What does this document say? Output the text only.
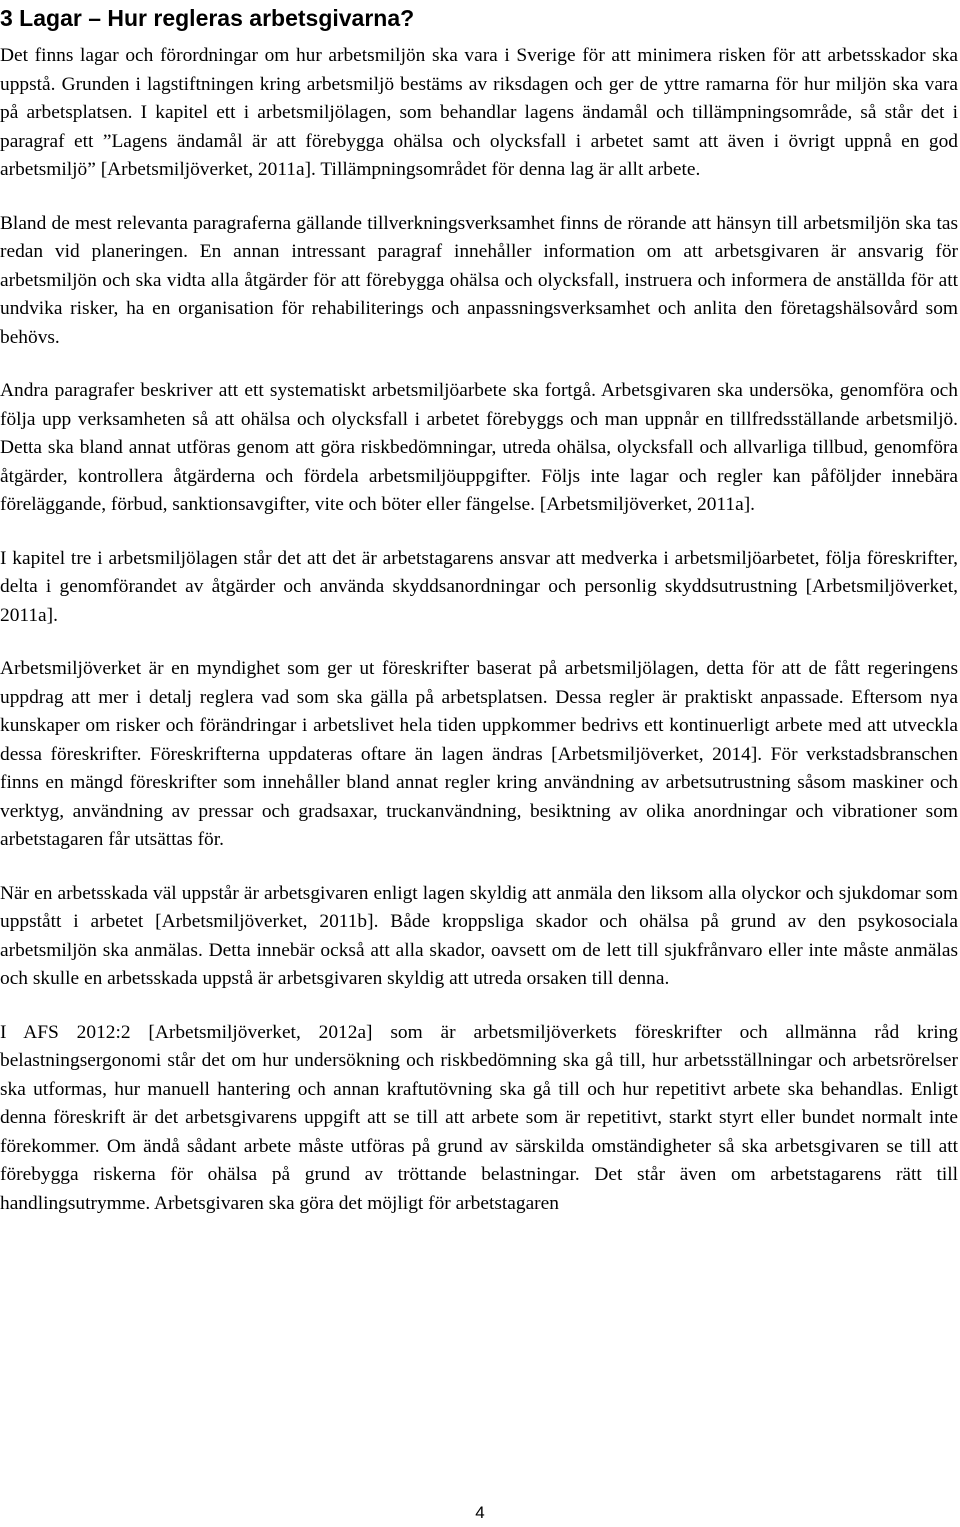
3 Lagar – Hur regleras arbetsgivarna?

Det finns lagar och förordningar om hur arbetsmiljön ska vara i Sverige för att minimera risken för att arbetsskador ska uppstå. Grunden i lagstiftningen kring arbetsmiljö bestäms av riksdagen och ger de yttre ramarna för hur miljön ska vara på arbetsplatsen. I kapitel ett i arbetsmiljölagen, som behandlar lagens ändamål och tillämpningsområde, så står det i paragraf ett ”Lagens ändamål är att förebygga ohälsa och olycksfall i arbetet samt att även i övrigt uppnå en god arbetsmiljö” [Arbetsmiljöverket, 2011a]. Tillämpningsområdet för denna lag är allt arbete.

Bland de mest relevanta paragraferna gällande tillverkningsverksamhet finns de rörande att hänsyn till arbetsmiljön ska tas redan vid planeringen. En annan intressant paragraf innehåller information om att arbetsgivaren är ansvarig för arbetsmiljön och ska vidta alla åtgärder för att förebygga ohälsa och olycksfall, instruera och informera de anställda för att undvika risker, ha en organisation för rehabiliterings och anpassningsverksamhet och anlita den företagshälsovård som behövs.

Andra paragrafer beskriver att ett systematiskt arbetsmiljöarbete ska fortgå. Arbetsgivaren ska undersöka, genomföra och följa upp verksamheten så att ohälsa och olycksfall i arbetet förebyggs och man uppnår en tillfredsställande arbetsmiljö. Detta ska bland annat utföras genom att göra riskbedömningar, utreda ohälsa, olycksfall och allvarliga tillbud, genomföra åtgärder, kontrollera åtgärderna och fördela arbetsmiljöuppgifter. Följs inte lagar och regler kan påföljder innebära föreläggande, förbud, sanktionsavgifter, vite och böter eller fängelse. [Arbetsmiljöverket, 2011a].

I kapitel tre i arbetsmiljölagen står det att det är arbetstagarens ansvar att medverka i arbetsmiljöarbetet, följa föreskrifter, delta i genomförandet av åtgärder och använda skyddsanordningar och personlig skyddsutrustning [Arbetsmiljöverket, 2011a].

Arbetsmiljöverket är en myndighet som ger ut föreskrifter baserat på arbetsmiljölagen, detta för att de fått regeringens uppdrag att mer i detalj reglera vad som ska gälla på arbetsplatsen. Dessa regler är praktiskt anpassade. Eftersom nya kunskaper om risker och förändringar i arbetslivet hela tiden uppkommer bedrivs ett kontinuerligt arbete med att utveckla dessa föreskrifter. Föreskrifterna uppdateras oftare än lagen ändras [Arbetsmiljöverket, 2014]. För verkstadsbranschen finns en mängd föreskrifter som innehåller bland annat regler kring användning av arbetsutrustning såsom maskiner och verktyg, användning av pressar och gradsaxar, truckanvändning, besiktning av olika anordningar och vibrationer som arbetstagaren får utsättas för.

När en arbetsskada väl uppstår är arbetsgivaren enligt lagen skyldig att anmäla den liksom alla olyckor och sjukdomar som uppstått i arbetet [Arbetsmiljöverket, 2011b]. Både kroppsliga skador och ohälsa på grund av den psykosociala arbetsmiljön ska anmälas. Detta innebär också att alla skador, oavsett om de lett till sjukfrånvaro eller inte måste anmälas och skulle en arbetsskada uppstå är arbetsgivaren skyldig att utreda orsaken till denna.

I AFS 2012:2 [Arbetsmiljöverket, 2012a] som är arbetsmiljöverkets föreskrifter och allmänna råd kring belastningsergonomi står det om hur undersökning och riskbedömning ska gå till, hur arbetsställningar och arbetsrörelser ska utformas, hur manuell hantering och annan kraftutövning ska gå till och hur repetitivt arbete ska behandlas. Enligt denna föreskrift är det arbetsgivarens uppgift att se till att arbete som är repetitivt, starkt styrt eller bundet normalt inte förekommer. Om ändå sådant arbete måste utföras på grund av särskilda omständigheter så ska arbetsgivaren se till att förebygga riskerna för ohälsa på grund av tröttande belastningar. Det står även om arbetstagarens rätt till handlingsutrymme. Arbetsgivaren ska göra det möjligt för arbetstagaren

4
